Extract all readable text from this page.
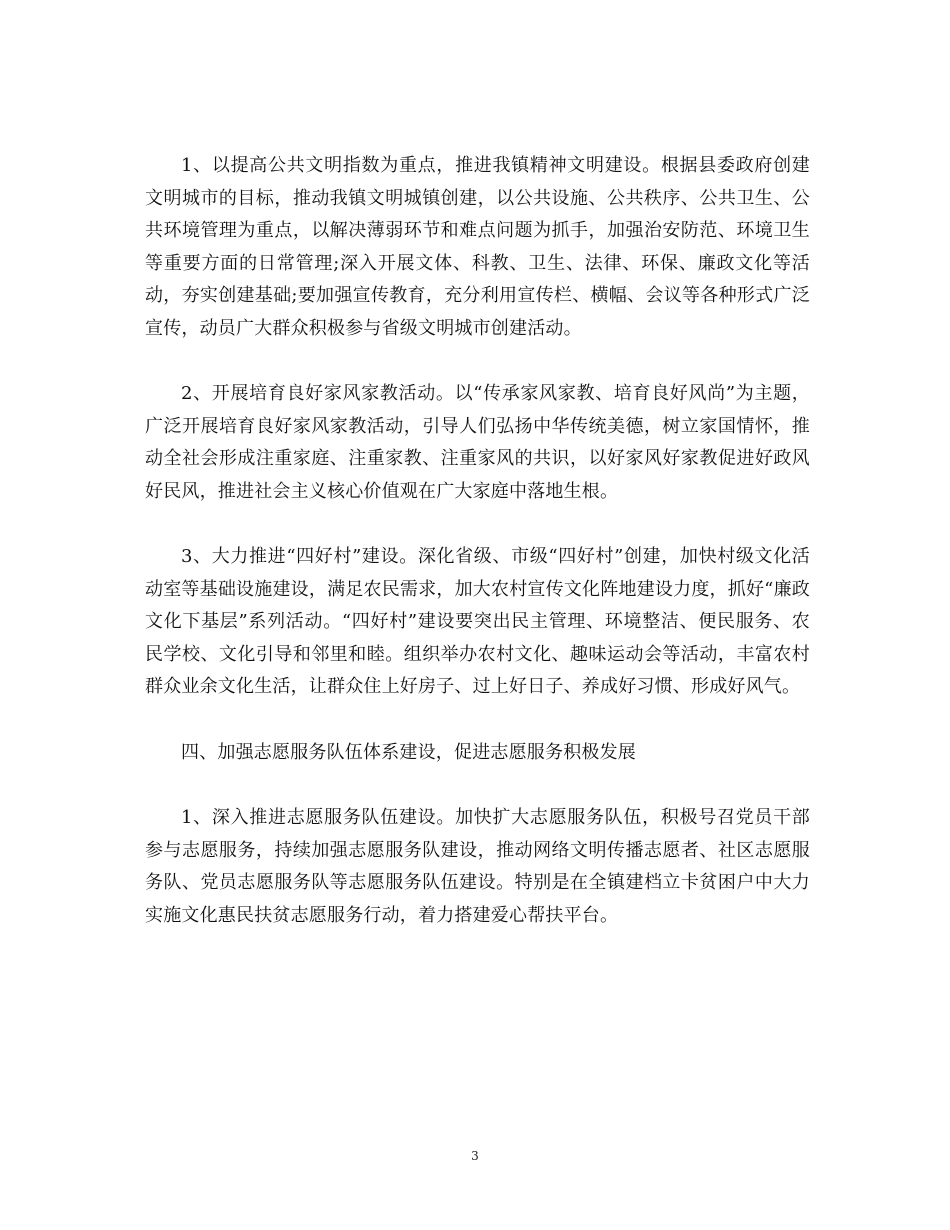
1、以提高公共文明指数为重点，推进我镇精神文明建设。根据县委政府创建文明城市的目标，推动我镇文明城镇创建，以公共设施、公共秩序、公共卫生、公共环境管理为重点，以解决薄弱环节和难点问题为抓手，加强治安防范、环境卫生等重要方面的日常管理;深入开展文体、科教、卫生、法律、环保、廉政文化等活动，夯实创建基础;要加强宣传教育，充分利用宣传栏、横幅、会议等各种形式广泛宣传，动员广大群众积极参与省级文明城市创建活动。

2、开展培育良好家风家教活动。以“传承家风家教、培育良好风尚”为主题，广泛开展培育良好家风家教活动，引导人们弘扬中华传统美德，树立家国情怀，推动全社会形成注重家庭、注重家教、注重家风的共识，以好家风好家教促进好政风好民风，推进社会主义核心价值观在广大家庭中落地生根。

3、大力推进“四好村”建设。深化省级、市级“四好村”创建，加快村级文化活动室等基础设施建设，满足农民需求，加大农村宣传文化阵地建设力度，抓好“廉政文化下基层”系列活动。“四好村”建设要突出民主管理、环境整洁、便民服务、农民学校、文化引导和邻里和睦。组织举办农村文化、趣味运动会等活动，丰富农村群众业余文化生活，让群众住上好房子、过上好日子、养成好习惯、形成好风气。

四、加强志愿服务队伍体系建设，促进志愿服务积极发展

1、深入推进志愿服务队伍建设。加快扩大志愿服务队伍，积极号召党员干部参与志愿服务，持续加强志愿服务队建设，推动网络文明传播志愿者、社区志愿服务队、党员志愿服务队等志愿服务队伍建设。特别是在全镇建档立卡贫困户中大力实施文化惠民扶贫志愿服务行动，着力搭建爱心帮扶平台。

3
